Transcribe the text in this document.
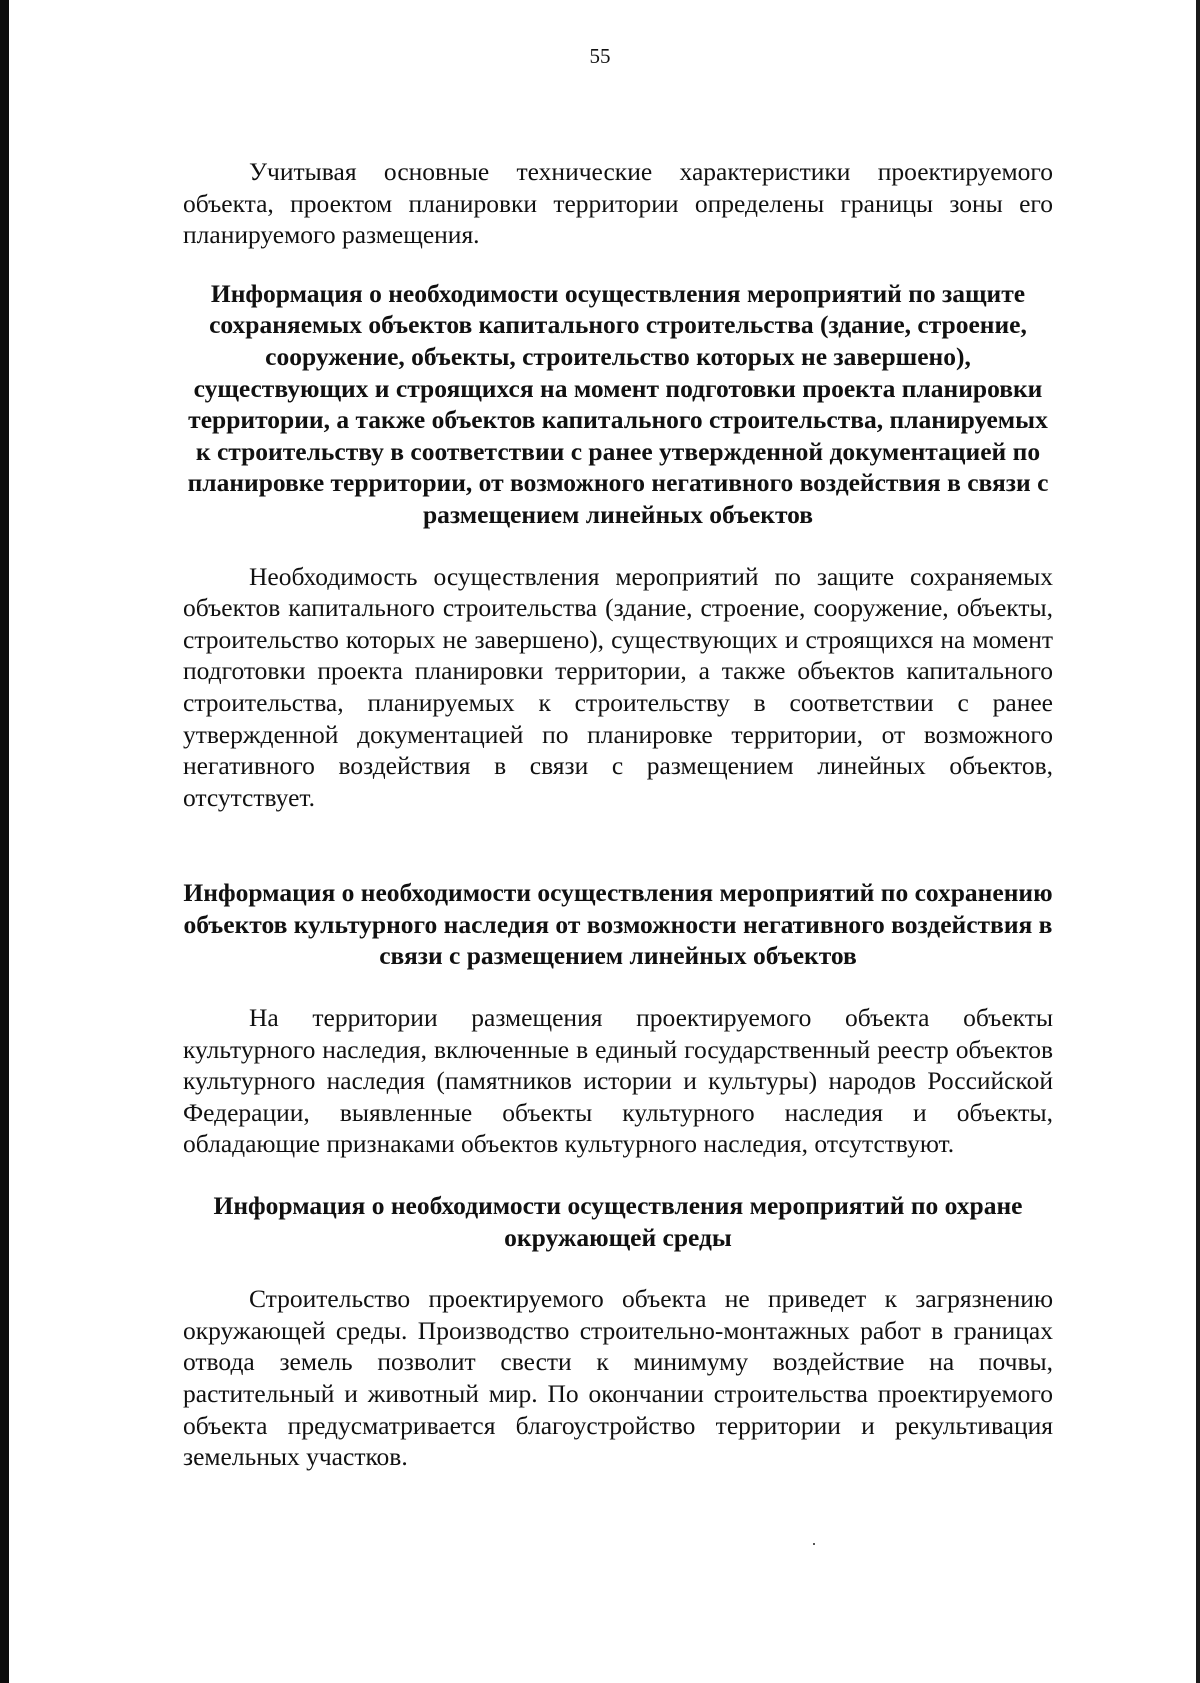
55

Учитывая основные технические характеристики проектируемого объекта, проектом планировки территории определены границы зоны его планируемого размещения.

Информация о необходимости осуществления мероприятий по защите сохраняемых объектов капитального строительства (здание, строение, сооружение, объекты, строительство которых не завершено), существующих и строящихся на момент подготовки проекта планировки территории, а также объектов капитального строительства, планируемых к строительству в соответствии с ранее утвержденной документацией по планировке территории, от возможного негативного воздействия в связи с размещением линейных объектов

Необходимость осуществления мероприятий по защите сохраняемых объектов капитального строительства (здание, строение, сооружение, объекты, строительство которых не завершено), существующих и строящихся на момент подготовки проекта планировки территории, а также объектов капитального строительства, планируемых к строительству в соответствии с ранее утвержденной документацией по планировке территории, от возможного негативного воздействия в связи с размещением линейных объектов, отсутствует.

Информация о необходимости осуществления мероприятий по сохранению объектов культурного наследия от возможности негативного воздействия в связи с размещением линейных объектов

На территории размещения проектируемого объекта объекты культурного наследия, включенные в единый государственный реестр объектов культурного наследия (памятников истории и культуры) народов Российской Федерации, выявленные объекты культурного наследия и объекты, обладающие признаками объектов культурного наследия, отсутствуют.

Информация о необходимости осуществления мероприятий по охране окружающей среды

Строительство проектируемого объекта не приведет к загрязнению окружающей среды. Производство строительно-монтажных работ в границах отвода земель позволит свести к минимуму воздействие на почвы, растительный и животный мир. По окончании строительства проектируемого объекта предусматривается благоустройство территории и рекультивация земельных участков.
